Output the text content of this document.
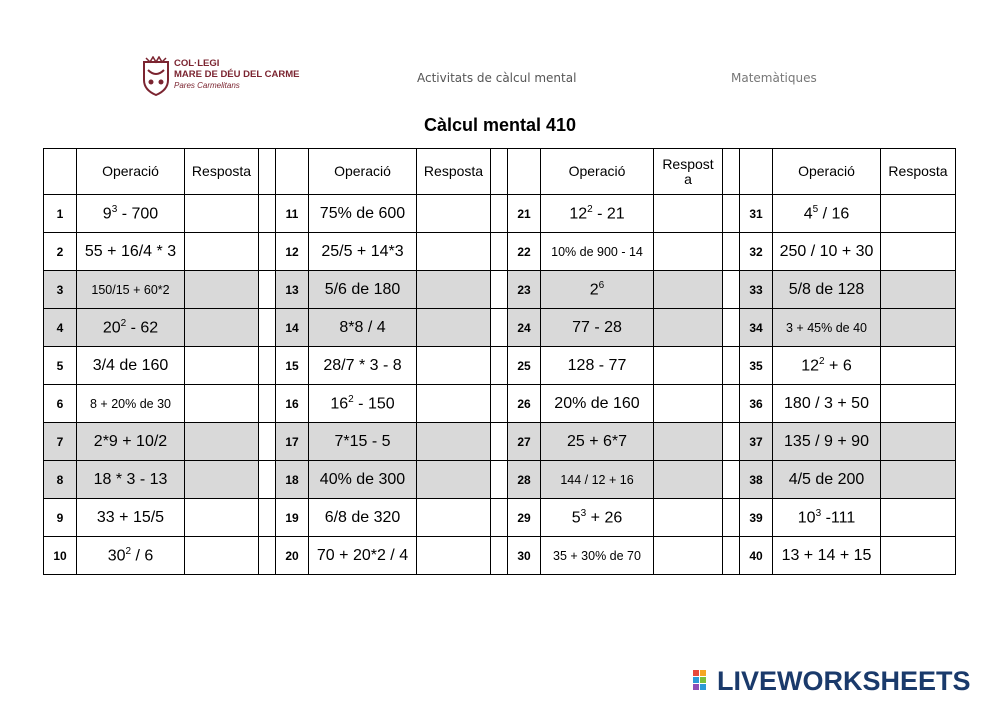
COL·LEGI
MARE DE DÉU DEL CARME
Pares Carmelitans
Activitats de càlcul mental	Matemàtiques
Càlcul mental 410
	Operació	Resposta			Operació	Resposta			Operació	Respost
a			Operació	Resposta
1	$9^3 - 700$			11	75% de 600			21	$12^2 - 21$			31	$4^5 / 16$	
2	55 + 16/4 * 3			12	25/5 + 14*3			22	10% de 900 - 14			32	250 / 10 + 30	
3	150/15 + 60*2			13	5/6 de 180			23	$2^6$			33	5/8 de 128	
4	$20^2 - 62$			14	8*8 / 4			24	77 - 28			34	3 + 45% de 40	
5	3/4 de 160			15	28/7 * 3 - 8			25	128 - 77			35	$12^2 + 6$	
6	8 + 20% de 30			16	$16^2 - 150$			26	20% de 160			36	180 / 3 + 50	
7	2*9 + 10/2			17	7*15 - 5			27	25 + 6*7			37	135 / 9 + 90	
8	18 * 3 - 13			18	40% de 300			28	144 / 12 + 16			38	4/5 de 200	
9	33 + 15/5			19	6/8 de 320			29	$5^3 + 26$			39	$10^3$ -111	
10	$30^2 / 6$			20	70 + 20*2 / 4			30	35 + 30% de 70			40	13 + 14 + 15	
LIVEWORKSHEETS
